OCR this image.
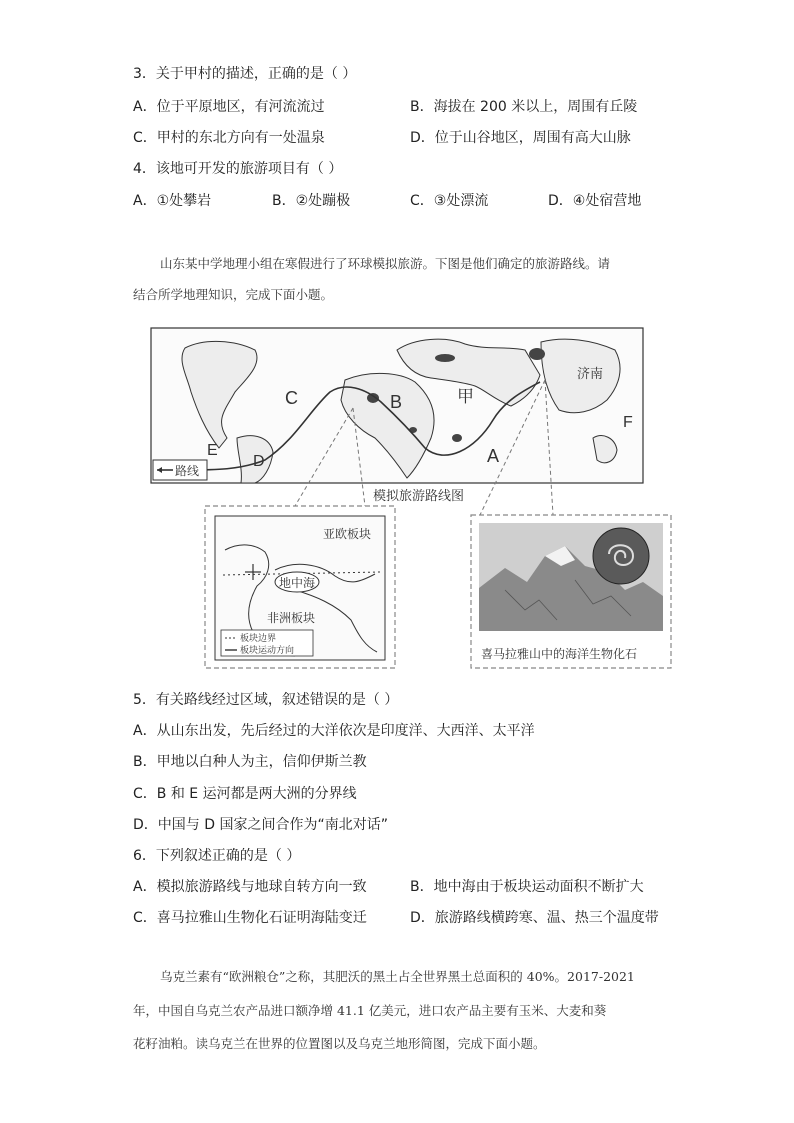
3．关于甲村的描述，正确的是（ ）
A．位于平原地区，有河流流过	B．海拔在 200 米以上，周围有丘陵
C．甲村的东北方向有一处温泉	D．位于山谷地区，周围有高大山脉
4．该地可开发的旅游项目有（ ）
A．①处攀岩	B．②处蹦极	C．③处漂流	D．④处宿营地
山东某中学地理小组在寒假进行了环球模拟旅游。下图是他们确定的旅游路线。请
结合所学地理知识，完成下面小题。
C	B	甲
济南
F
E
D	A
路线
模拟旅游路线图
亚欧板块
地中海
非洲板块
板块边界
板块运动方向	喜马拉雅山中的海洋生物化石
5．有关路线经过区域，叙述错误的是（ ）
A．从山东出发，先后经过的大洋依次是印度洋、大西洋、太平洋
B．甲地以白种人为主，信仰伊斯兰教
C．B 和 E 运河都是两大洲的分界线
D．中国与 D 国家之间合作为“南北对话”
6．下列叙述正确的是（ ）
A．模拟旅游路线与地球自转方向一致	B．地中海由于板块运动面积不断扩大
C．喜马拉雅山生物化石证明海陆变迁	D．旅游路线横跨寒、温、热三个温度带
乌克兰素有“欧洲粮仓”之称，其肥沃的黑土占全世界黑土总面积的 40%。2017-2021
年，中国自乌克兰农产品进口额净增 41.1 亿美元，进口农产品主要有玉米、大麦和葵
花籽油粕。读乌克兰在世界的位置图以及乌克兰地形简图，完成下面小题。
